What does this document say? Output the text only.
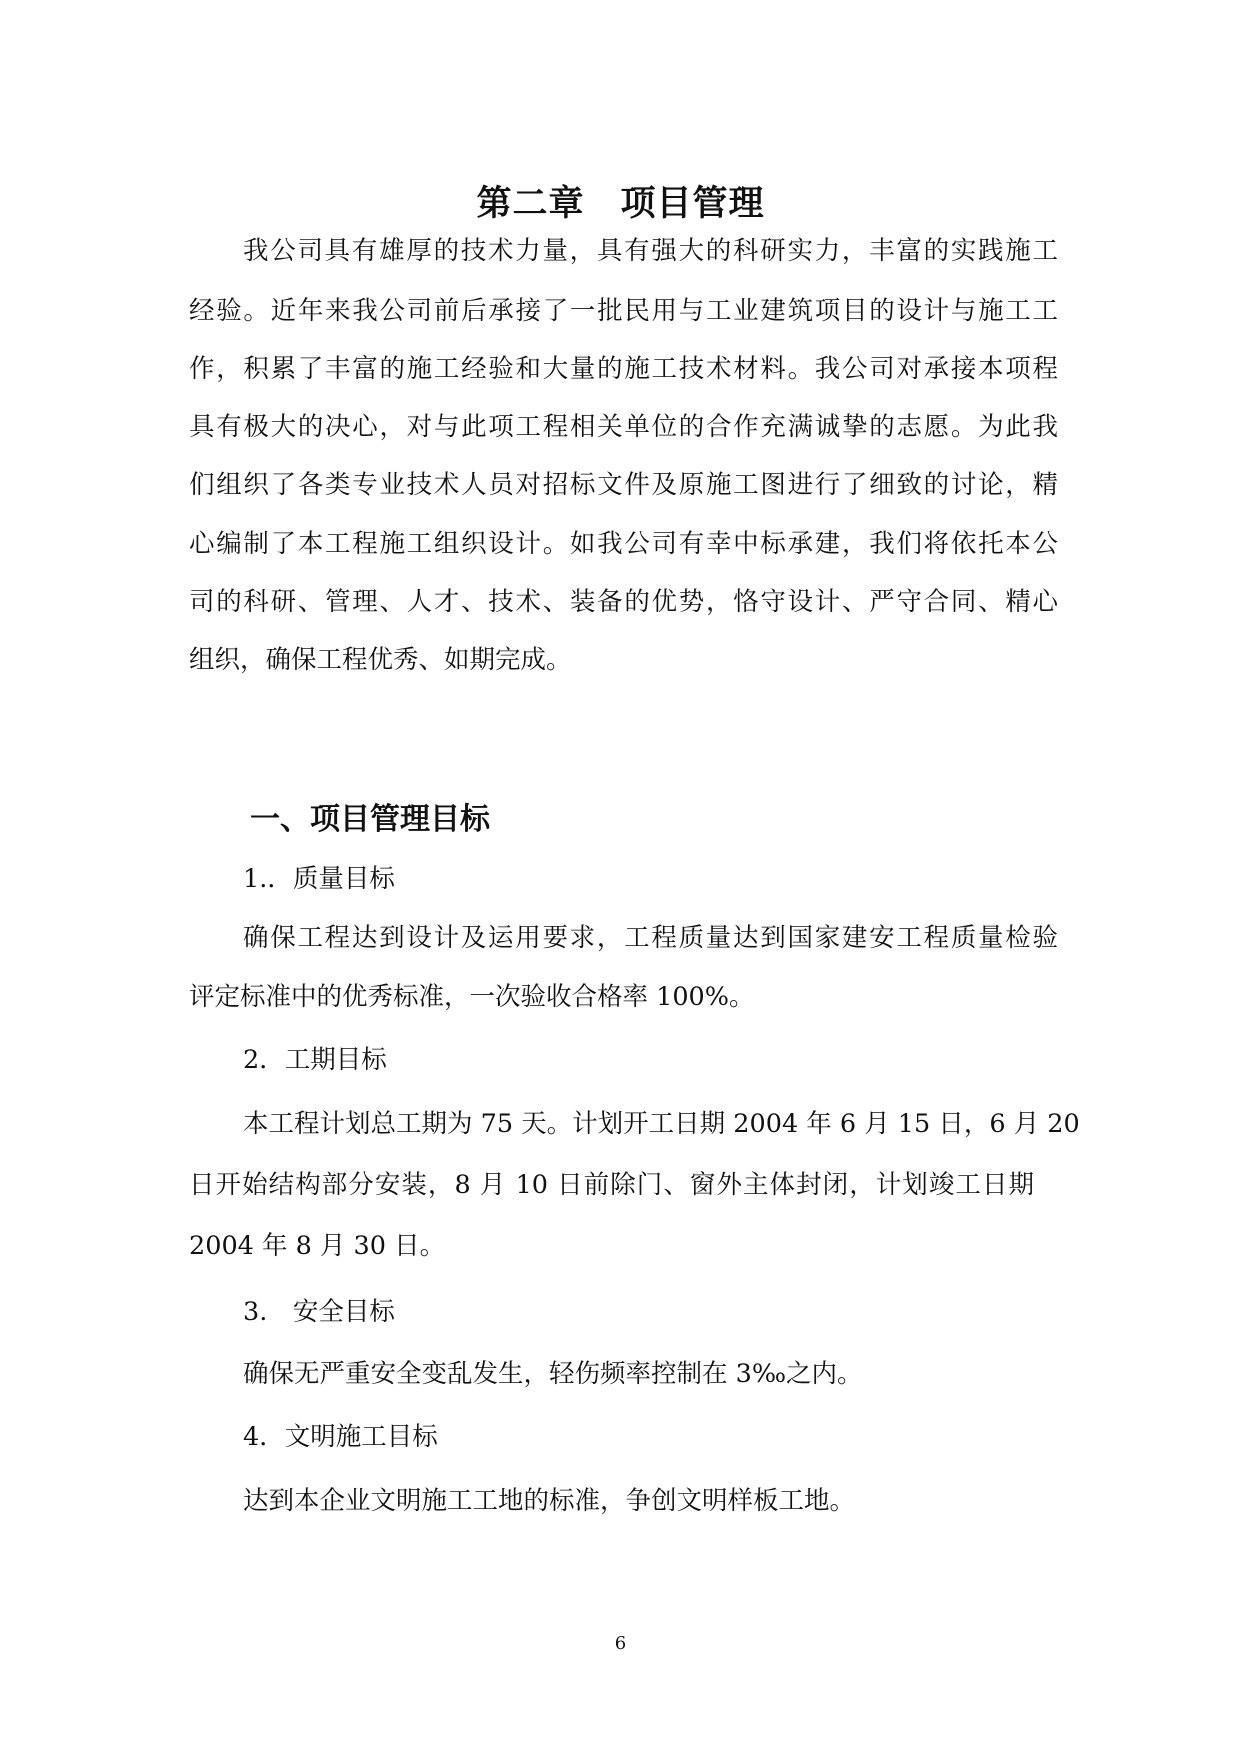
第二章　项目管理
我公司具有雄厚的技术力量，具有强大的科研实力，丰富的实践施工
经验。近年来我公司前后承接了一批民用与工业建筑项目的设计与施工工
作，积累了丰富的施工经验和大量的施工技术材料。我公司对承接本项程
具有极大的决心，对与此项工程相关单位的合作充满诚挚的志愿。为此我
们组织了各类专业技术人员对招标文件及原施工图进行了细致的讨论，精
心编制了本工程施工组织设计。如我公司有幸中标承建，我们将依托本公
司的科研、管理、人才、技术、装备的优势，恪守设计、严守合同、精心
组织，确保工程优秀、如期完成。
一、项目管理目标
1.．质量目标
确保工程达到设计及运用要求，工程质量达到国家建安工程质量检验
评定标准中的优秀标准，一次验收合格率 100%。
2．工期目标
本工程计划总工期为 75 天。计划开工日期 2004 年 6 月 15 日，6 月 20
日开始结构部分安装，8 月 10 日前除门、窗外主体封闭，计划竣工日期
2004 年 8 月 30 日。
3.　安全目标
确保无严重安全变乱发生，轻伤频率控制在 3‰之内。
4．文明施工目标
达到本企业文明施工工地的标准，争创文明样板工地。
6
